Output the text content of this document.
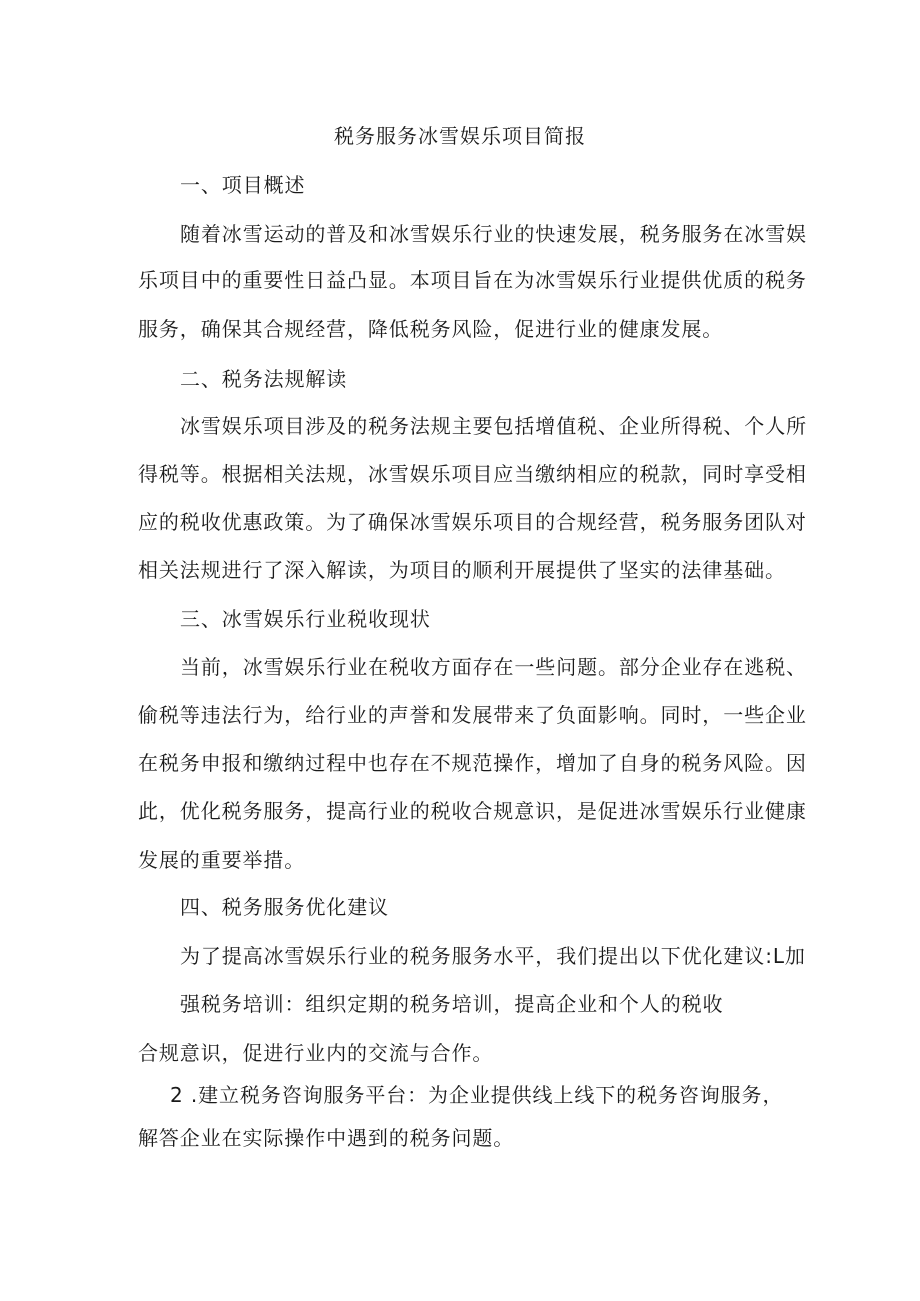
税务服务冰雪娱乐项目简报
一、项目概述
随着冰雪运动的普及和冰雪娱乐行业的快速发展，税务服务在冰雪娱
乐项目中的重要性日益凸显。本项目旨在为冰雪娱乐行业提供优质的税务
服务，确保其合规经营，降低税务风险，促进行业的健康发展。
二、税务法规解读
冰雪娱乐项目涉及的税务法规主要包括增值税、企业所得税、个人所
得税等。根据相关法规，冰雪娱乐项目应当缴纳相应的税款，同时享受相
应的税收优惠政策。为了确保冰雪娱乐项目的合规经营，税务服务团队对
相关法规进行了深入解读，为项目的顺利开展提供了坚实的法律基础。
三、冰雪娱乐行业税收现状
当前，冰雪娱乐行业在税收方面存在一些问题。部分企业存在逃税、
偷税等违法行为，给行业的声誉和发展带来了负面影响。同时，一些企业
在税务申报和缴纳过程中也存在不规范操作，增加了自身的税务风险。因
此，优化税务服务，提高行业的税收合规意识，是促进冰雪娱乐行业健康
发展的重要举措。
四、税务服务优化建议
为了提高冰雪娱乐行业的税务服务水平，我们提出以下优化建议:L加
强税务培训：组织定期的税务培训，提高企业和个人的税收
合规意识，促进行业内的交流与合作。
2 .建立税务咨询服务平台：为企业提供线上线下的税务咨询服务，
解答企业在实际操作中遇到的税务问题。
